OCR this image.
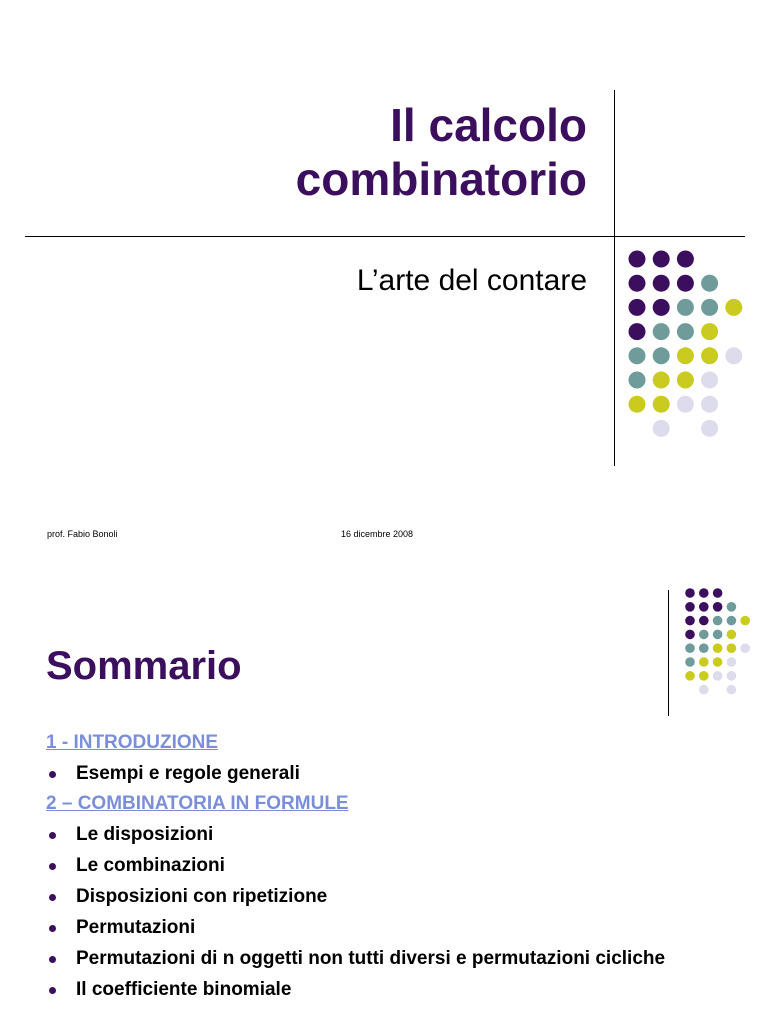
Il calcolo
combinatorio
L’arte del contare
prof. Fabio Bonoli	16 dicembre 2008
Sommario
1 - INTRODUZIONE
Esempi e regole generali
2 – COMBINATORIA IN FORMULE
Le disposizioni
Le combinazioni
Disposizioni con ripetizione
Permutazioni
Permutazioni di n oggetti non tutti diversi e permutazioni cicliche
Il coefficiente binomiale
